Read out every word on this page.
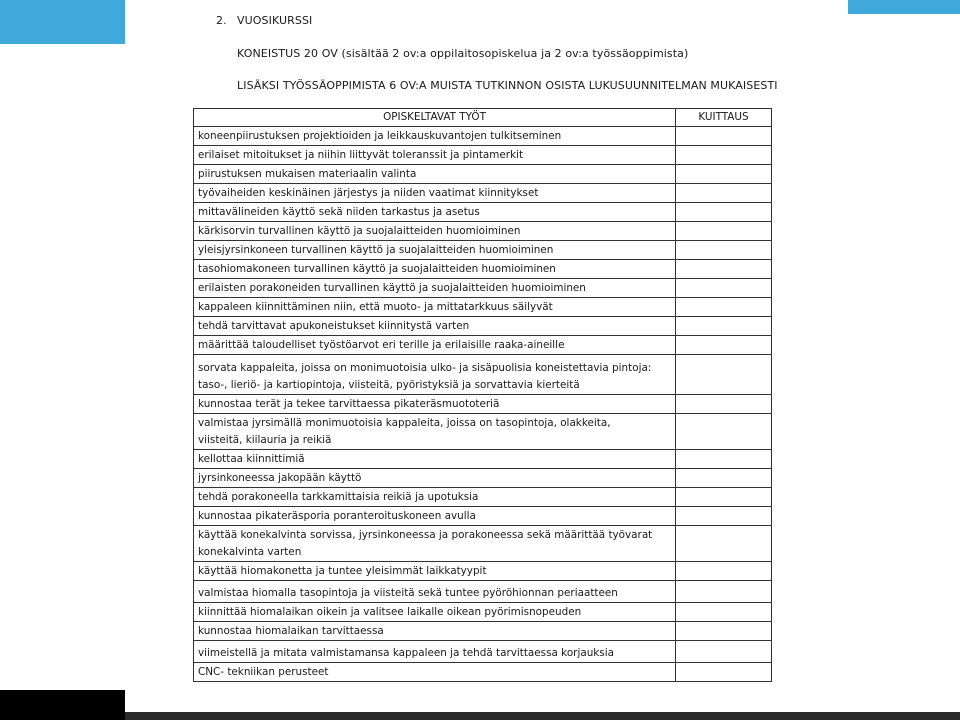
2. VUOSIKURSSI
KONEISTUS 20 OV (sisältää 2 ov:a oppilaitosopiskelua ja 2 ov:a työssäoppimista)
LISÄKSI TYÖSSÄOPPIMISTA 6 OV:A MUISTA TUTKINNON OSISTA LUKUSUUNNITELMAN MUKAISESTI
OPISKELTAVAT TYÖT	KUITTAUS

koneenpiirustuksen projektioiden ja leikkauskuvantojen tulkitseminen	

erilaiset mitoitukset ja niihin liittyvät toleranssit ja pintamerkit	

piirustuksen mukaisen materiaalin valinta	

työvaiheiden keskinäinen järjestys ja niiden vaatimat kiinnitykset	

mittavälineiden käyttö sekä niiden tarkastus ja asetus	

kärkisorvin turvallinen käyttö ja suojalaitteiden huomioiminen	

yleisjyrsinkoneen turvallinen käyttö ja suojalaitteiden huomioiminen	

tasohiomakoneen turvallinen käyttö ja suojalaitteiden huomioiminen	

erilaisten porakoneiden turvallinen käyttö ja suojalaitteiden huomioiminen	

kappaleen kiinnittäminen niin, että muoto- ja mittatarkkuus säilyvät	

tehdä tarvittavat apukoneistukset kiinnitystä varten	

määrittää taloudelliset työstöarvot eri terille ja erilaisille raaka-aineille	

sorvata kappaleita, joissa on monimuotoisia ulko- ja sisäpuolisia koneistettavia pintoja:
taso-, lieriö- ja kartiopintoja, viisteitä, pyöristyksiä ja sorvattavia kierteitä	

kunnostaa terät ja tekee tarvittaessa pikateräsmuototeriä	

valmistaa jyrsimällä monimuotoisia kappaleita, joissa on tasopintoja, olakkeita,
viisteitä, kiilauria ja reikiä	

kellottaa kiinnittimiä	

jyrsinkoneessa jakopään käyttö	

tehdä porakoneella tarkkamittaisia reikiä ja upotuksia	

kunnostaa pikateräsporia poranteroituskoneen avulla	

käyttää konekalvinta sorvissa, jyrsinkoneessa ja porakoneessa sekä määrittää työvarat
konekalvinta varten	

käyttää hiomakonetta ja tuntee yleisimmät laikkatyypit	

valmistaa hiomalla tasopintoja ja viisteitä sekä tuntee pyöröhionnan periaatteen	

kiinnittää hiomalaikan oikein ja valitsee laikalle oikean pyörimisnopeuden	

kunnostaa hiomalaikan tarvittaessa	

viimeistellä ja mitata valmistamansa kappaleen ja tehdä tarvittaessa korjauksia	

CNC- tekniikan perusteet	
